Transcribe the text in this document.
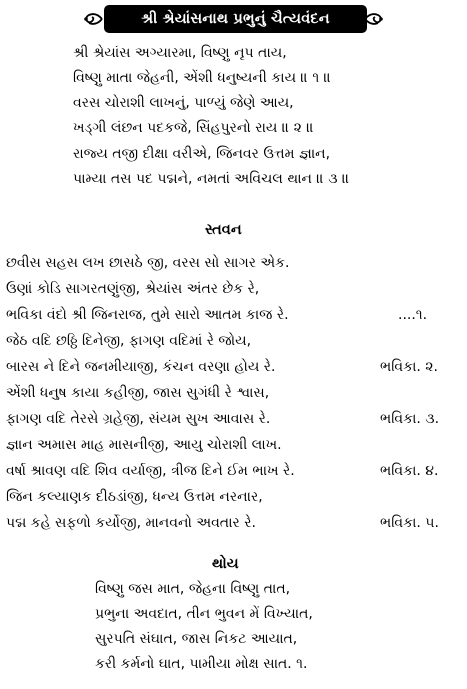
શ્રી શ્રેયાંસનાથ પ્રભુનું ચૈત્યવંદન
શ્રી શ્રેયાંસ અગ્યારમા, વિષ્ણુ નૃપ તાય,
વિષ્ણુ માતા જેહની, એંશી ધનુષ્યની કાય ॥ ૧ ॥
વરસ ચોરાશી લાખનું, પાળ્યું જેણે આય,
ખડ્ગી લંછન પદકજે, સિંહપુરનો રાય ॥ ૨ ॥
રાજ્ય તજી દીક્ષા વરીએ, જિનવર ઉત્તમ જ્ઞાન,
પામ્યા તસ પદ પદ્મને, નમતાં અવિચલ થાન ॥ ૩ ॥
સ્તવન
છવીસ સહસ લખ છાસઠે જી, વરસ સો સાગર એક.
ઉણાં કોડિ સાગરતણુંજી, શ્રેયાંસ અંતર છેક રે,
ભવિકા વંદો શ્રી જિનરાજ, તુમે સારો આતમ કાજ રે.	....૧.
જેઠ વદિ છઠ્ઠિ દિનેજી, ફાગણ વદિમાં રે જોય,
બારસ ને દિને જનમીયાજી, કંચન વરણા હોય રે.	ભવિકા. ૨.
એંશી ધનુષ કાયા કહીજી, જાસ સુગંધી રે શ્વાસ,
ફાગણ વદિ તેરસે ગ્રહેજી, સંયમ સુખ આવાસ રે.	ભવિકા. ૩.
જ્ઞાન અમાસ માહ માસનીજી, આયુ ચોરાશી લાખ.
વર્ષા શ્રાવણ વદિ શિવ વર્યાજી, ત્રીજ દિને ઈમ ભાખ રે.	ભવિકા. ૪.
જિન કલ્યાણક દીઠડાંજી, ધન્ય ઉત્તમ નરનાર,
પદ્મ કહે સફળો કર્યોજી, માનવનો અવતાર રે.	ભવિકા. ૫.
થોય
વિષ્ણુ જસ માત, જેહના વિષ્ણુ તાત,
પ્રભુના અવદાત, તીન ભુવન મેં વિખ્યાત,
સુરપતિ સંઘાત, જાસ નિકટ આયાત,
કરી કર્મનો ઘાત, પામીયા મોક્ષ સાત. ૧.
